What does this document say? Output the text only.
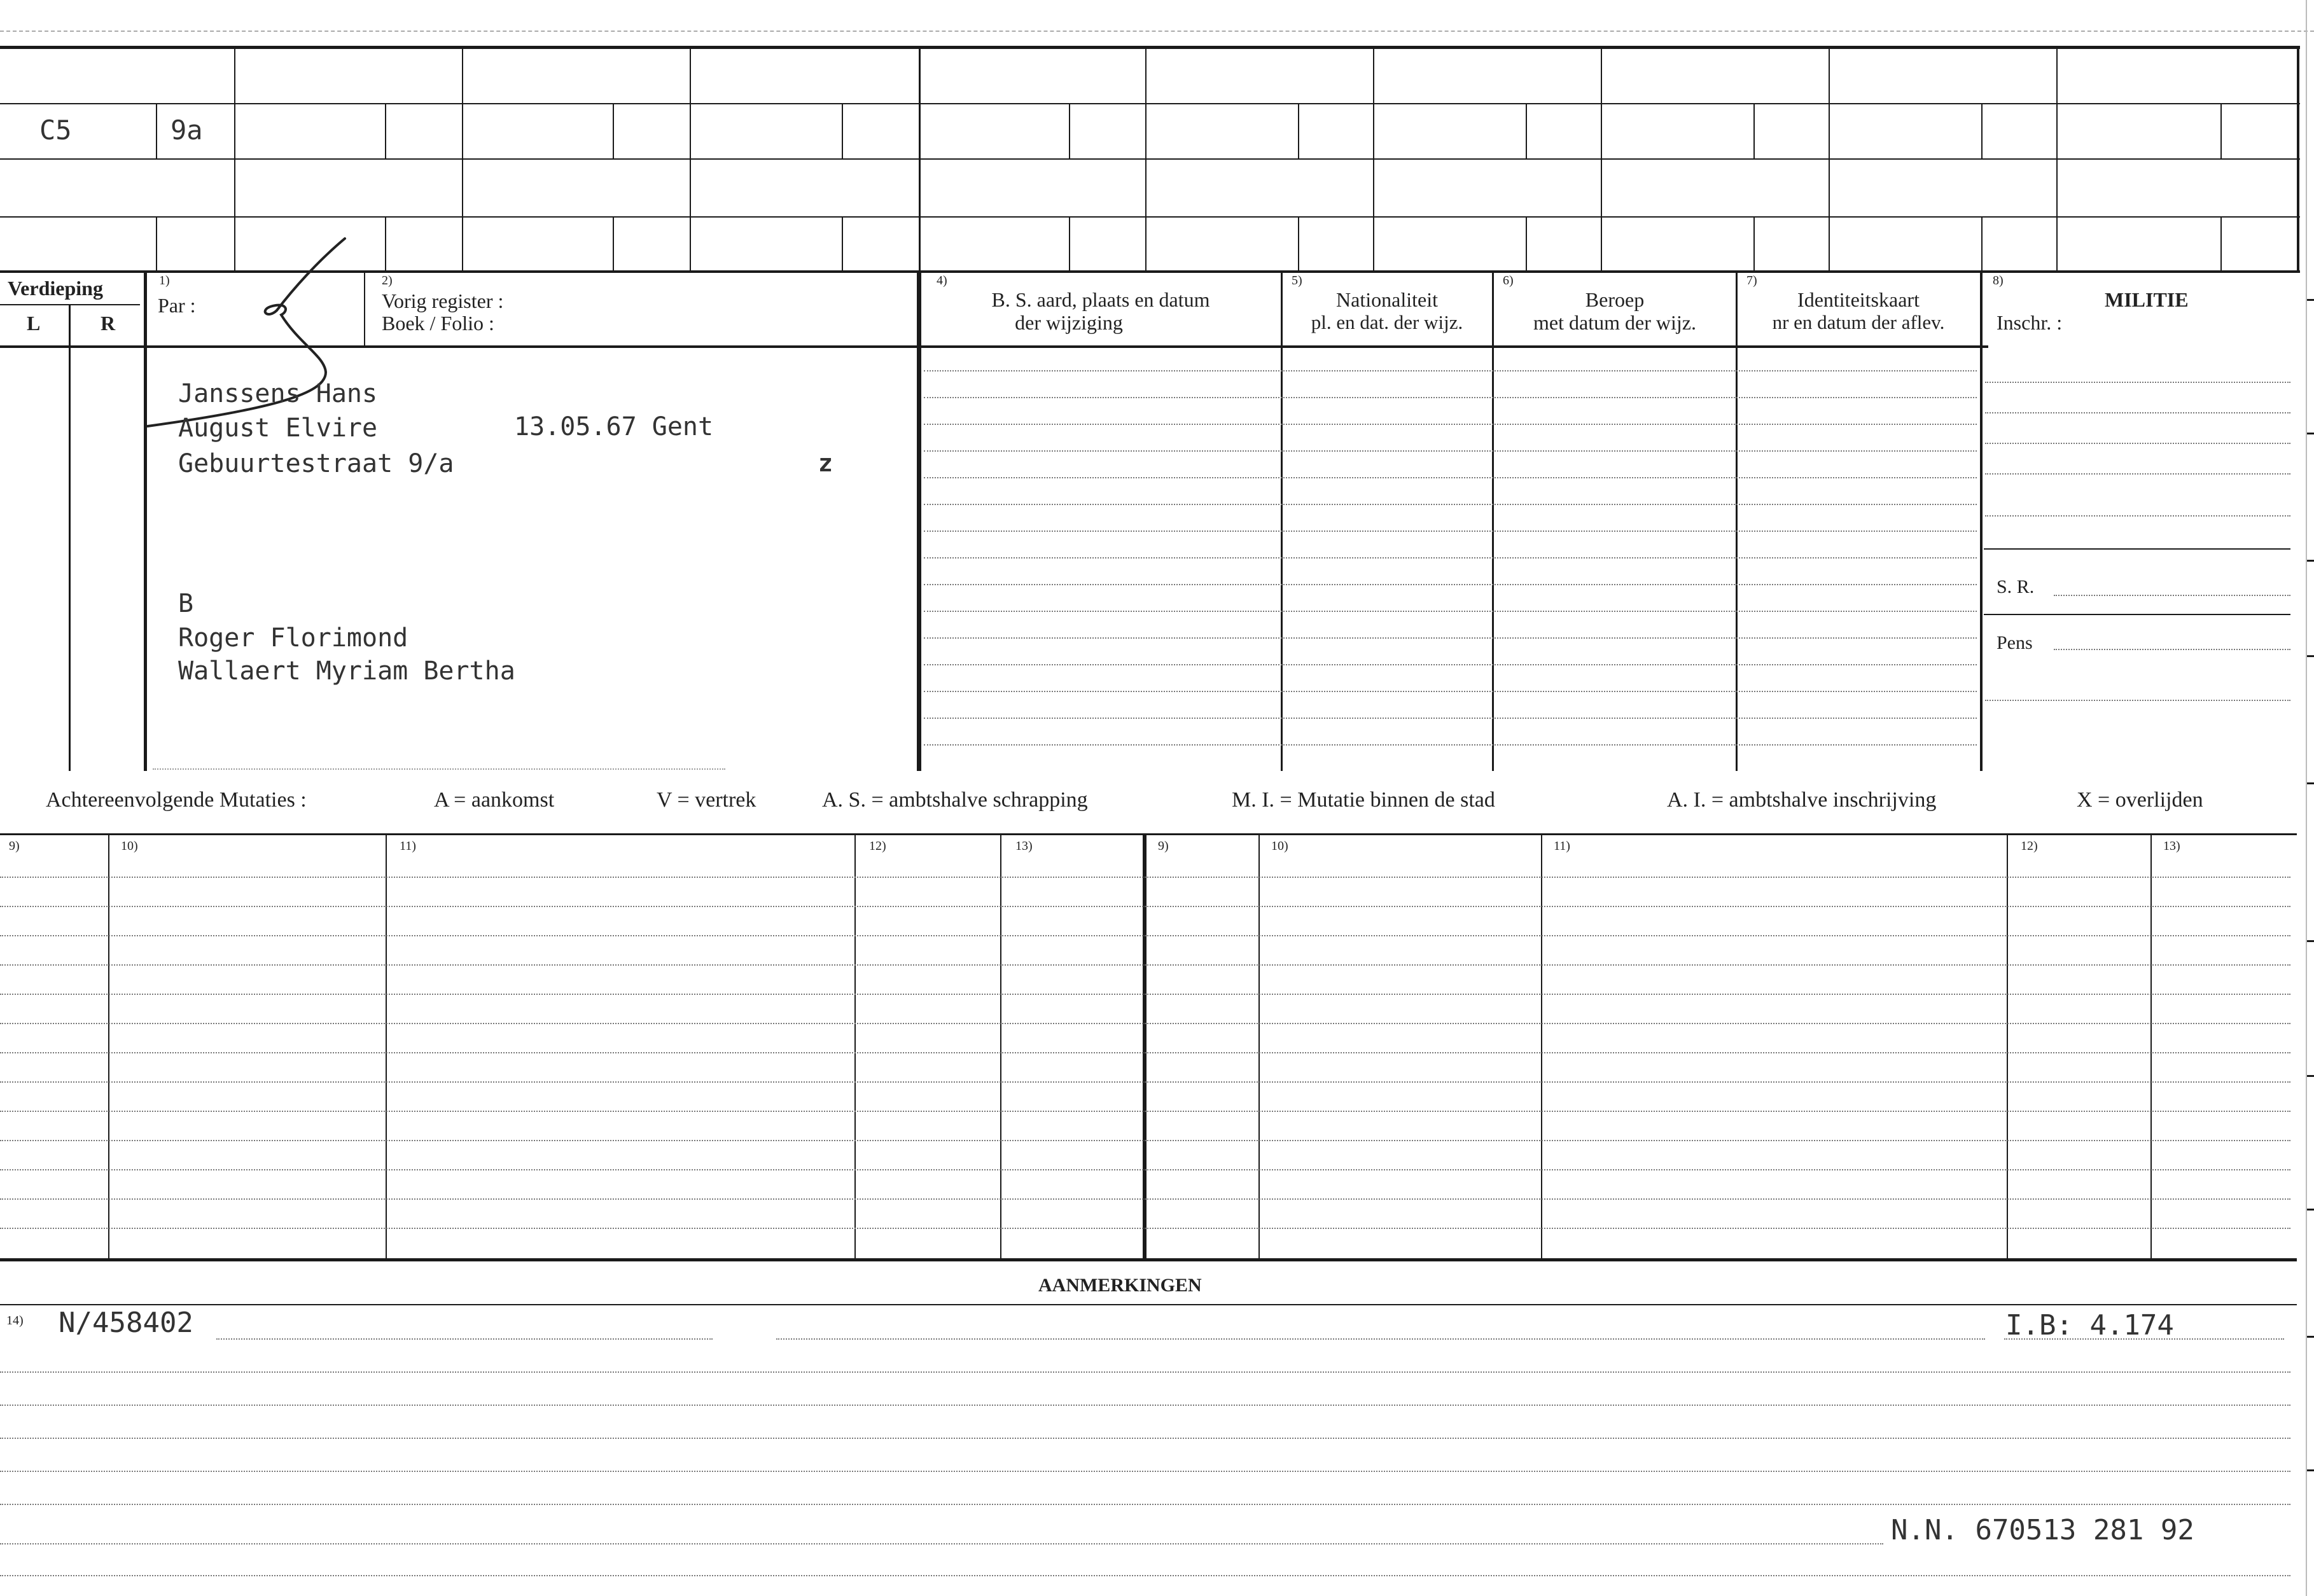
C5	9a
Verdieping
L	R
1)
Par :
2)
Vorig register :
Boek / Folio :
4)
B. S. aard, plaats en datum
der wijziging
5)
Nationaliteit
pl. en dat. der wijz.
6)
Beroep
met datum der wijz.
7)
Identiteitskaart
nr en datum der aflev.
8)
MILITIE
Inschr. :
S. R.
Pens
Janssens Hans
August Elvire	13.05.67 Gent
Gebuurtestraat 9/a	z
B
Roger Florimond
Wallaert Myriam Bertha
Achtereenvolgende Mutaties :	A = aankomst	V = vertrek	A. S. = ambtshalve schrapping	M. I. = Mutatie binnen de stad	A. I. = ambtshalve inschrijving	X = overlijden
9)	10)	11)	12)	13)	9)	10)	11)	12)	13)
AANMERKINGEN
14) N/458402	I.B: 4.174
N.N. 670513 281 92
